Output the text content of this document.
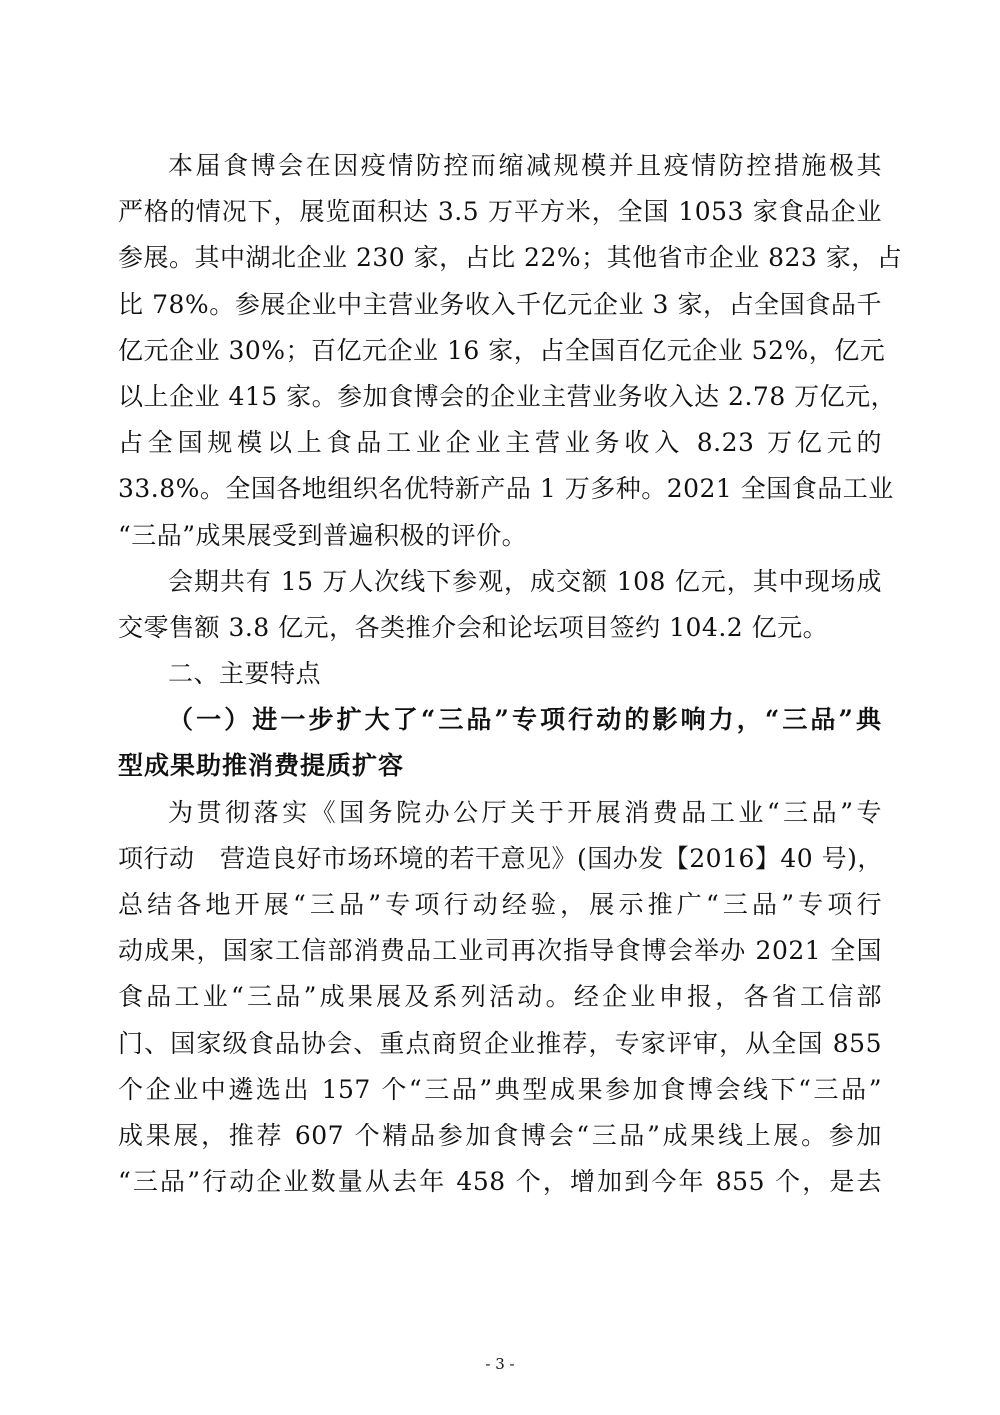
本届食博会在因疫情防控而缩减规模并且疫情防控措施极其
严格的情况下，展览面积达 3.5 万平方米，全国 1053 家食品企业
参展。其中湖北企业 230 家，占比 22%；其他省市企业 823 家，占
比 78%。参展企业中主营业务收入千亿元企业 3 家，占全国食品千
亿元企业 30%；百亿元企业 16 家，占全国百亿元企业 52%，亿元
以上企业 415 家。参加食博会的企业主营业务收入达 2.78 万亿元，
占全国规模以上食品工业企业主营业务收入 8.23 万亿元的
33.8%。全国各地组织名优特新产品 1 万多种。2021 全国食品工业
“三品”成果展受到普遍积极的评价。
会期共有 15 万人次线下参观，成交额 108 亿元，其中现场成
交零售额 3.8 亿元，各类推介会和论坛项目签约 104.2 亿元。
二、主要特点
（一）进一步扩大了“三品”专项行动的影响力，“三品”典
型成果助推消费提质扩容
为贯彻落实《国务院办公厅关于开展消费品工业“三品”专
项行动　营造良好市场环境的若干意见》(国办发【2016】40 号)，
总结各地开展“三品”专项行动经验，展示推广“三品”专项行
动成果，国家工信部消费品工业司再次指导食博会举办 2021 全国
食品工业“三品”成果展及系列活动。经企业申报，各省工信部
门、国家级食品协会、重点商贸企业推荐，专家评审，从全国 855
个企业中遴选出 157 个“三品”典型成果参加食博会线下“三品”
成果展，推荐 607 个精品参加食博会“三品”成果线上展。参加
“三品”行动企业数量从去年 458 个，增加到今年 855 个，是去
- 3 -
